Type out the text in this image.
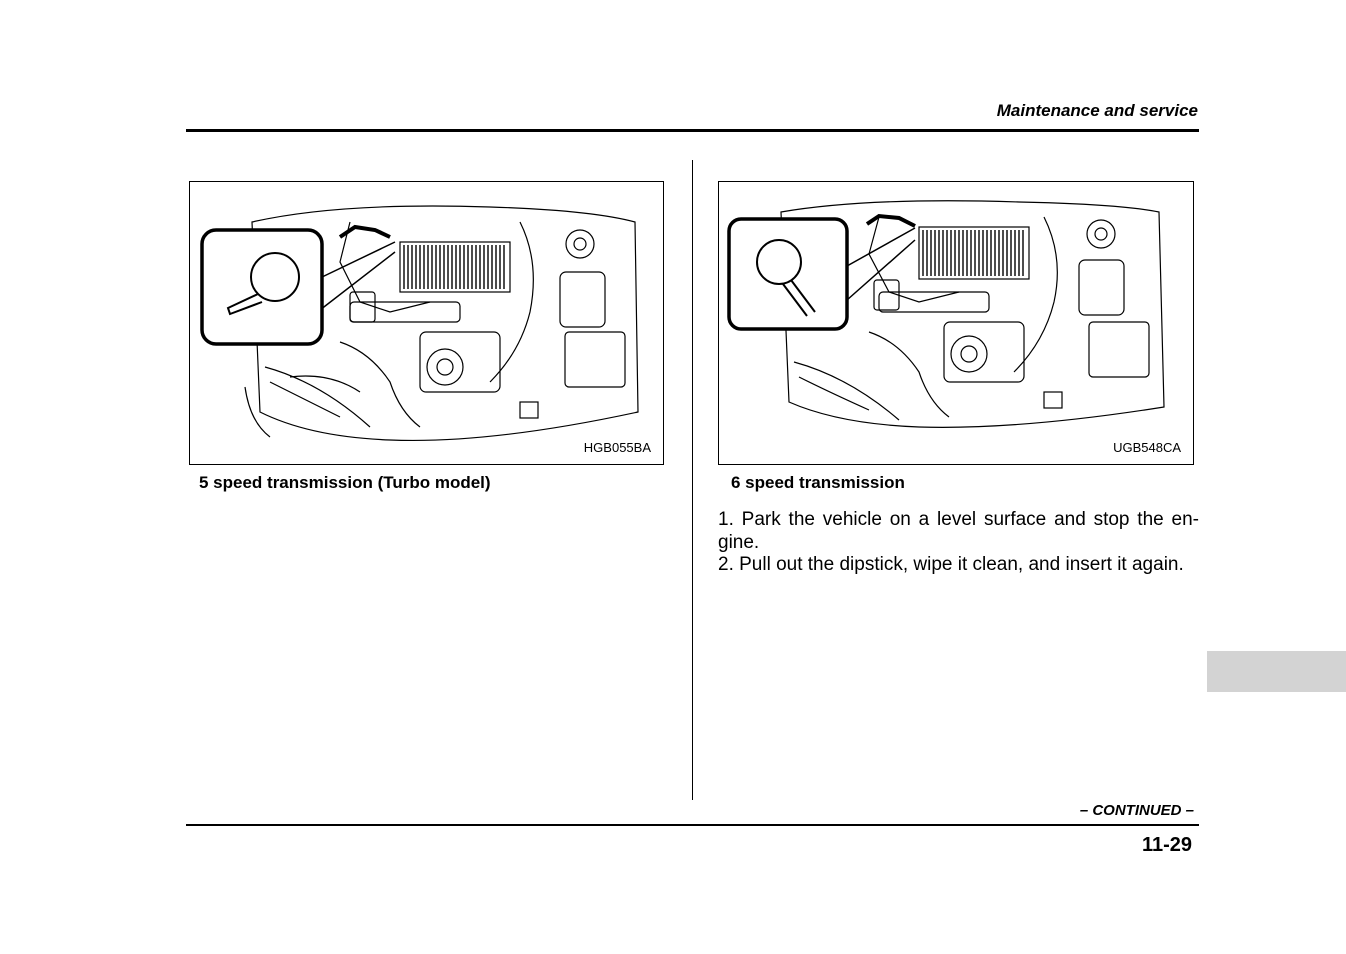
Maintenance and service
HGB055BA
5 speed transmission (Turbo model)
UGB548CA
6 speed transmission

1. Park the vehicle on a level surface and stop the en-gine.

2. Pull out the dipstick, wipe it clean, and insert it again.

– CONTINUED –
11-29
